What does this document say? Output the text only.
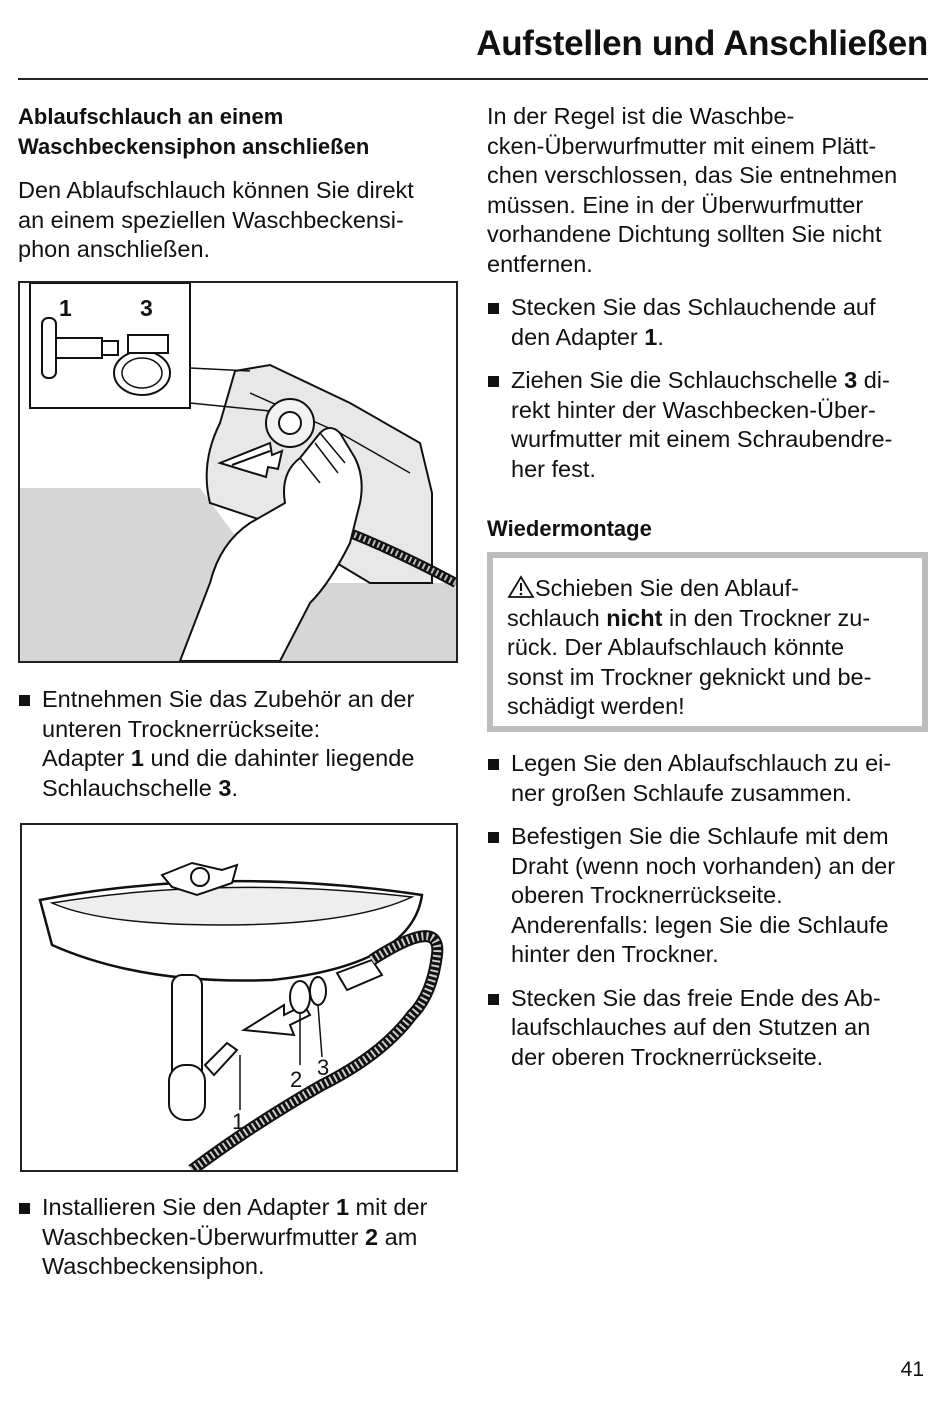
Aufstellen und Anschließen
Ablaufschlauch an einem
Waschbeckensiphon anschließen
Den Ablaufschlauch können Sie direkt
an einem speziellen Waschbeckensi-
phon anschließen.
1	3
Entnehmen Sie das Zubehör an der
unteren Trocknerrückseite:
Adapter 1 und die dahinter liegende
Schlauchschelle 3.
2 3
1
Installieren Sie den Adapter 1 mit der
Waschbecken-Überwurfmutter 2 am
Waschbeckensiphon.
In der Regel ist die Waschbe-
cken-Überwurfmutter mit einem Plätt-
chen verschlossen, das Sie entnehmen
müssen. Eine in der Überwurfmutter
vorhandene Dichtung sollten Sie nicht
entfernen.
Stecken Sie das Schlauchende auf
den Adapter 1.
Ziehen Sie die Schlauchschelle 3 di-
rekt hinter der Waschbecken-Über-
wurfmutter mit einem Schraubendre-
her fest.
Wiedermontage
Schieben Sie den Ablauf-
schlauch nicht in den Trockner zu-
rück. Der Ablaufschlauch könnte
sonst im Trockner geknickt und be-
schädigt werden!
Legen Sie den Ablaufschlauch zu ei-
ner großen Schlaufe zusammen.
Befestigen Sie die Schlaufe mit dem
Draht (wenn noch vorhanden) an der
oberen Trocknerrückseite.
Anderenfalls: legen Sie die Schlaufe
hinter den Trockner.
Stecken Sie das freie Ende des Ab-
laufschlauches auf den Stutzen an
der oberen Trocknerrückseite.
41
